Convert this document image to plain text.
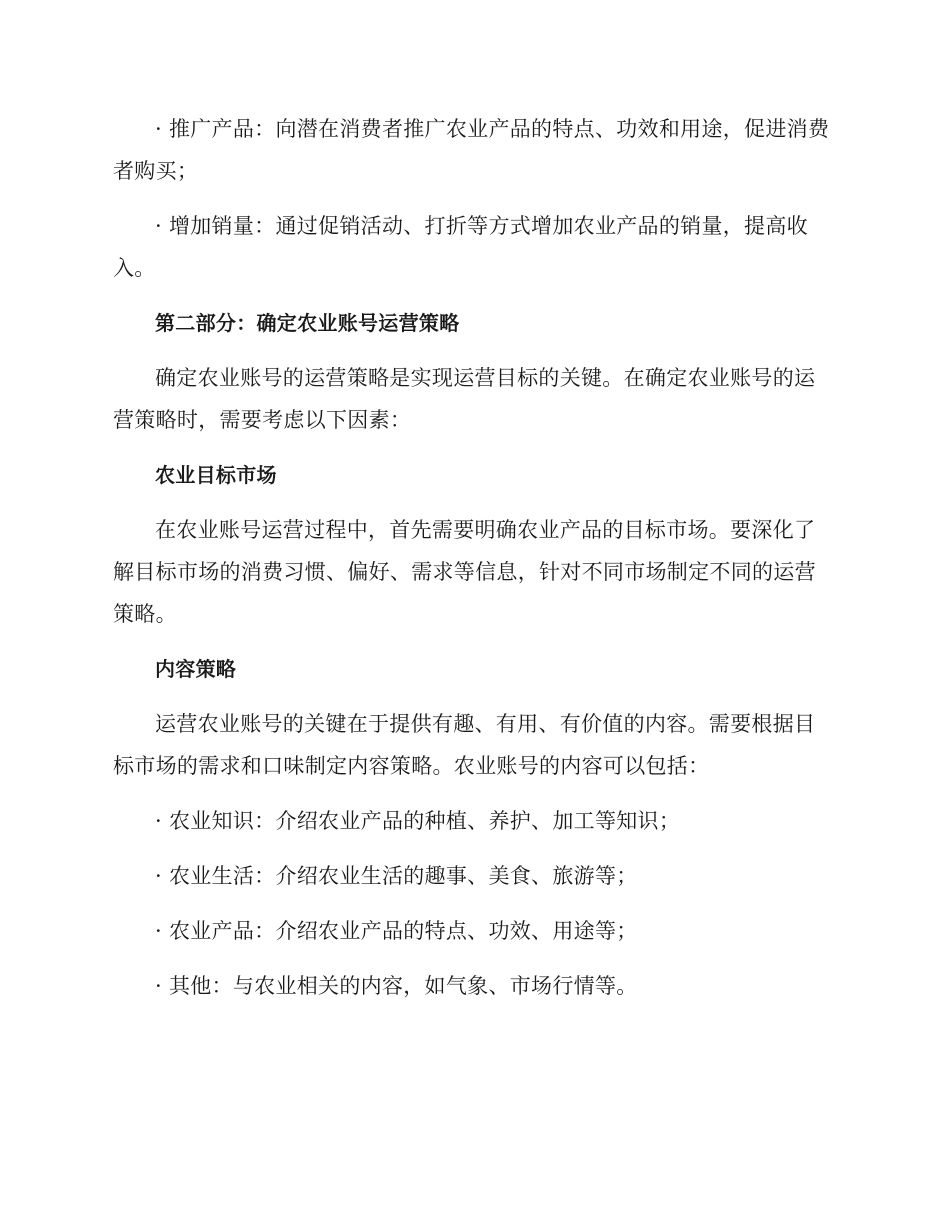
· 推广产品：向潜在消费者推广农业产品的特点、功效和用途，促进消费者购买；

· 增加销量：通过促销活动、打折等方式增加农业产品的销量，提高收入。

第二部分：确定农业账号运营策略

确定农业账号的运营策略是实现运营目标的关键。在确定农业账号的运营策略时，需要考虑以下因素：

农业目标市场

在农业账号运营过程中，首先需要明确农业产品的目标市场。要深化了解目标市场的消费习惯、偏好、需求等信息，针对不同市场制定不同的运营策略。

内容策略

运营农业账号的关键在于提供有趣、有用、有价值的内容。需要根据目标市场的需求和口味制定内容策略。农业账号的内容可以包括：

· 农业知识：介绍农业产品的种植、养护、加工等知识；

· 农业生活：介绍农业生活的趣事、美食、旅游等；

· 农业产品：介绍农业产品的特点、功效、用途等；

· 其他：与农业相关的内容，如气象、市场行情等。
